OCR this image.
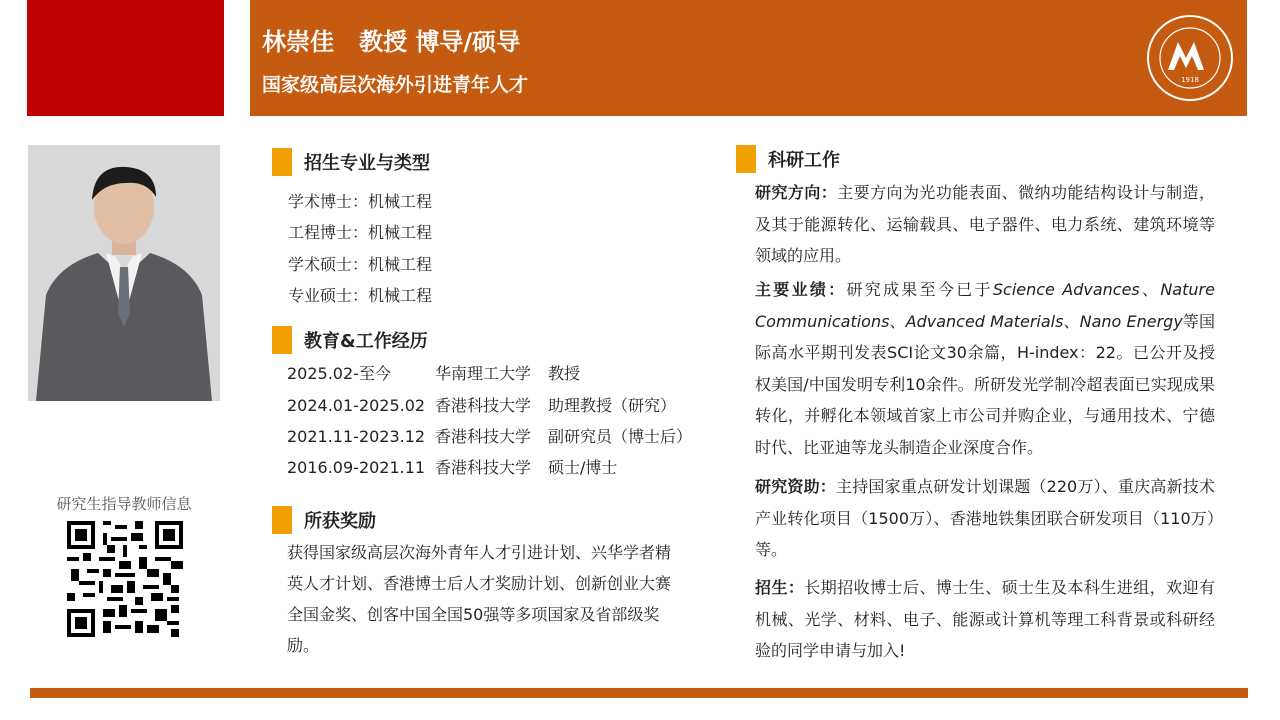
林崇佳   教授 博导/硕导
国家级高层次海外引进青年人才	1918
研究生指导教师信息
招生专业与类型
学术博士：机械工程
工程博士：机械工程
学术硕士：机械工程
专业硕士：机械工程
教育&工作经历
2025.02-至今	华南理工大学 教授
2024.01-2025.02 香港科技大学 助理教授（研究）
2021.11-2023.12 香港科技大学 副研究员（博士后）
2016.09-2021.11 香港科技大学 硕士/博士
所获奖励
获得国家级高层次海外青年人才引进计划、兴华学者精英人才计划、香港博士后人才奖励计划、创新创业大赛全国金奖、创客中国全国50强等多项国家及省部级奖励。
科研工作
研究方向：主要方向为光功能表面、微纳功能结构设计与制造，及其于能源转化、运输载具、电子器件、电力系统、建筑环境等领域的应用。
主要业绩：研究成果至今已于Science Advances、Nature Communications、Advanced Materials、Nano Energy等国际高水平期刊发表SCI论文30余篇，H-index：22。已公开及授权美国/中国发明专利10余件。所研发光学制冷超表面已实现成果转化，并孵化本领域首家上市公司并购企业，与通用技术、宁德时代、比亚迪等龙头制造企业深度合作。
研究资助：主持国家重点研发计划课题（220万）、重庆高新技术产业转化项目（1500万）、香港地铁集团联合研发项目（110万）等。
招生：长期招收博士后、博士生、硕士生及本科生进组，欢迎有机械、光学、材料、电子、能源或计算机等理工科背景或科研经验的同学申请与加入!
